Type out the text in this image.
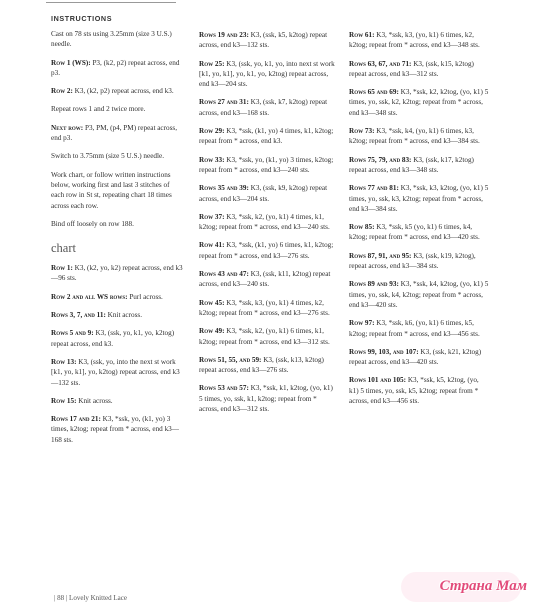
INSTRUCTIONS
Cast on 78 sts using 3.25mm (size 3 U.S.) needle.
Row 1 (WS): P3, (k2, p2) repeat across, end p3.
Row 2: K3, (k2, p2) repeat across, end k3.
Repeat rows 1 and 2 twice more.
Next row: P3, PM, (p4, PM) repeat across, end p3.
Switch to 3.75mm (size 5 U.S.) needle.
Work chart, or follow written instructions below, working first and last 3 stitches of each row in St st, repeating chart 18 times across each row.
Bind off loosely on row 188.
chart
Row 1: K3, (k2, yo, k2) repeat across, end k3—96 sts.
Row 2 and all WS rows: Purl across.
Rows 3, 7, and 11: Knit across.
Rows 5 and 9: K3, (ssk, yo, k1, yo, k2tog) repeat across, end k3.
Row 13: K3, (ssk, yo, into the next st work [k1, yo, k1], yo, k2tog) repeat across, end k3—132 sts.
Row 15: Knit across.
Rows 17 and 21: K3, *ssk, yo, (k1, yo) 3 times, k2tog; repeat from * across, end k3—168 sts.
Rows 19 and 23: K3, (ssk, k5, k2tog) repeat across, end k3—132 sts.
Row 25: K3, (ssk, yo, k1, yo, into next st work [k1, yo, k1], yo, k1, yo, k2tog) repeat across, end k3—204 sts.
Rows 27 and 31: K3, (ssk, k7, k2tog) repeat across, end k3—168 sts.
Row 29: K3, *ssk, (k1, yo) 4 times, k1, k2tog; repeat from * across, end k3.
Row 33: K3, *ssk, yo, (k1, yo) 3 times, k2tog; repeat from * across, end k3—240 sts.
Rows 35 and 39: K3, (ssk, k9, k2tog) repeat across, end k3—204 sts.
Row 37: K3, *ssk, k2, (yo, k1) 4 times, k1, k2tog; repeat from * across, end k3—240 sts.
Row 41: K3, *ssk, (k1, yo) 6 times, k1, k2tog; repeat from * across, end k3—276 sts.
Rows 43 and 47: K3, (ssk, k11, k2tog) repeat across, end k3—240 sts.
Row 45: K3, *ssk, k3, (yo, k1) 4 times, k2, k2tog; repeat from * across, end k3—276 sts.
Row 49: K3, *ssk, k2, (yo, k1) 6 times, k1, k2tog; repeat from * across, end k3—312 sts.
Rows 51, 55, and 59: K3, (ssk, k13, k2tog) repeat across, end k3—276 sts.
Rows 53 and 57: K3, *ssk, k1, k2tog, (yo, k1) 5 times, yo, ssk, k1, k2tog; repeat from * across, end k3—312 sts.
Row 61: K3, *ssk, k3, (yo, k1) 6 times, k2, k2tog; repeat from * across, end k3—348 sts.
Rows 63, 67, and 71: K3, (ssk, k15, k2tog) repeat across, end k3—312 sts.
Rows 65 and 69: K3, *ssk, k2, k2tog, (yo, k1) 5 times, yo, ssk, k2, k2tog; repeat from * across, end k3—348 sts.
Row 73: K3, *ssk, k4, (yo, k1) 6 times, k3, k2tog; repeat from * across, end k3—384 sts.
Rows 75, 79, and 83: K3, (ssk, k17, k2tog) repeat across, end k3—348 sts.
Rows 77 and 81: K3, *ssk, k3, k2tog, (yo, k1) 5 times, yo, ssk, k3, k2tog; repeat from * across, end k3—384 sts.
Row 85: K3, *ssk, k5 (yo, k1) 6 times, k4, k2tog; repeat from * across, end k3—420 sts.
Rows 87, 91, and 95: K3, (ssk, k19, k2tog), repeat across, end k3—384 sts.
Rows 89 and 93: K3, *ssk, k4, k2tog, (yo, k1) 5 times, yo, ssk, k4, k2tog; repeat from * across, end k3—420 sts.
Row 97: K3, *ssk, k6, (yo, k1) 6 times, k5, k2tog; repeat from * across, end k3—456 sts.
Rows 99, 103, and 107: K3, (ssk, k21, k2tog) repeat across, end k3—420 sts.
Rows 101 and 105: K3, *ssk, k5, k2tog, (yo, k1) 5 times, yo, ssk, k5, k2tog; repeat from * across, end k3—456 sts.
| 88 | Lovely Knitted Lace
Страна Мам
